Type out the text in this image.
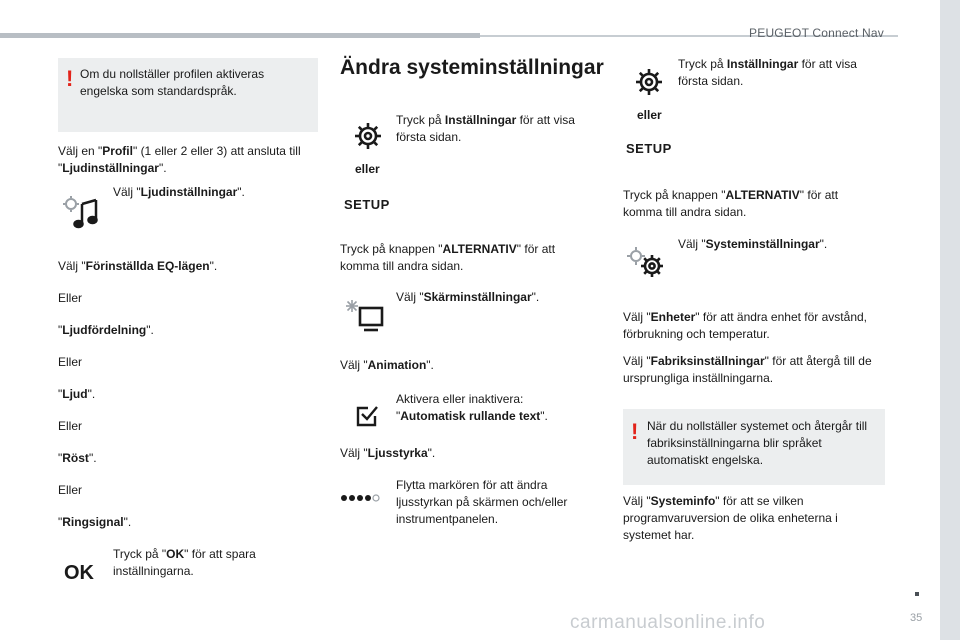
PEUGEOT Connect Nav
35
carmanualsonline.info
! Om du nollställer profilen aktiveras engelska som standardspråk.
Välj en "Profil" (1 eller 2 eller 3) att ansluta till "Ljudinställningar".
Välj "Ljudinställningar".
Välj "Förinställda EQ-lägen".
Eller
"Ljudfördelning".
Eller
"Ljud".
Eller
"Röst".
Eller
"Ringsignal".
OK
Tryck på "OK" för att spara inställningarna.
Ändra systeminställningar
Tryck på Inställningar för att visa första sidan.
eller
SETUP
Tryck på knappen "ALTERNATIV" för att komma till andra sidan.
Välj "Skärminställningar".
Välj "Animation".
Aktivera eller inaktivera:
"Automatisk rullande text".
Välj "Ljusstyrka".
Flytta markören för att ändra ljusstyrkan på skärmen och/eller instrumentpanelen.
Tryck på Inställningar för att visa första sidan.
eller
SETUP
Tryck på knappen "ALTERNATIV" för att komma till andra sidan.
Välj "Systeminställningar".
Välj "Enheter" för att ändra enhet för avstånd, förbrukning och temperatur.
Välj "Fabriksinställningar" för att återgå till de ursprungliga inställningarna.
! När du nollställer systemet och återgår till fabriksinställningarna blir språket automatiskt engelska.
Välj "Systeminfo" för att se vilken programvaruversion de olika enheterna i systemet har.
